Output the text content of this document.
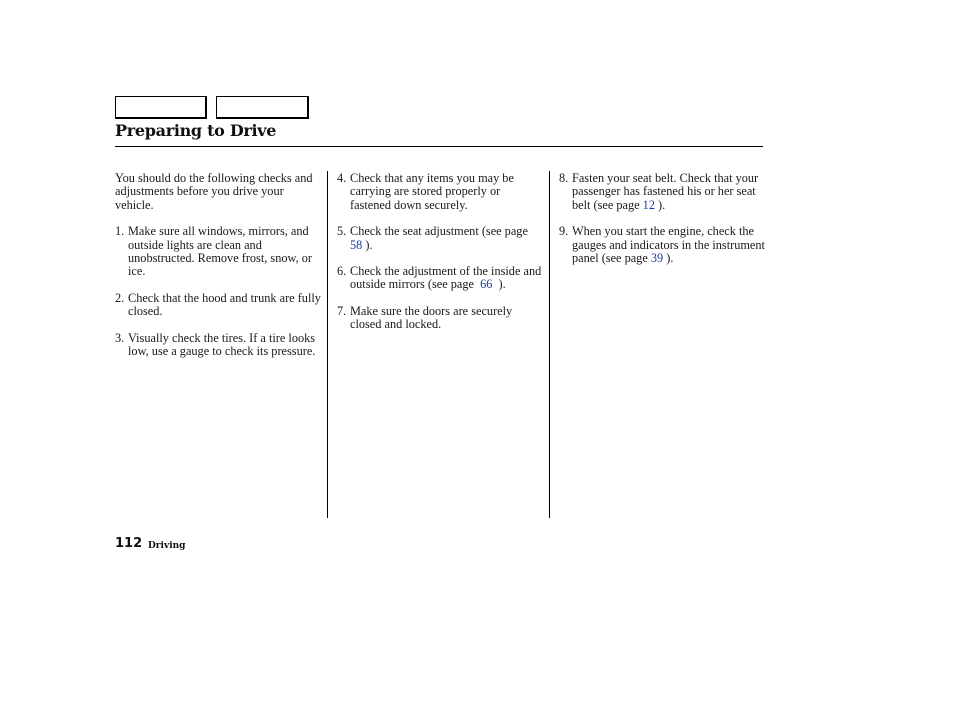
Preparing to Drive

You should do the following checks and adjustments before you drive your vehicle.

1. Make sure all windows, mirrors, and outside lights are clean and unobstructed. Remove frost, snow, or ice.
2. Check that the hood and trunk are fully closed.
3. Visually check the tires. If a tire looks low, use a gauge to check its pressure.
4. Check that any items you may be carrying are stored properly or fastened down securely.
5. Check the seat adjustment (see page 58 ).
6. Check the adjustment of the inside and outside mirrors (see page  66  ).
7. Make sure the doors are securely closed and locked.
8. Fasten your seat belt. Check that your passenger has fastened his or her seat belt (see page 12 ).
9. When you start the engine, check the gauges and indicators in the instrument panel (see page 39 ).
112 Driving
